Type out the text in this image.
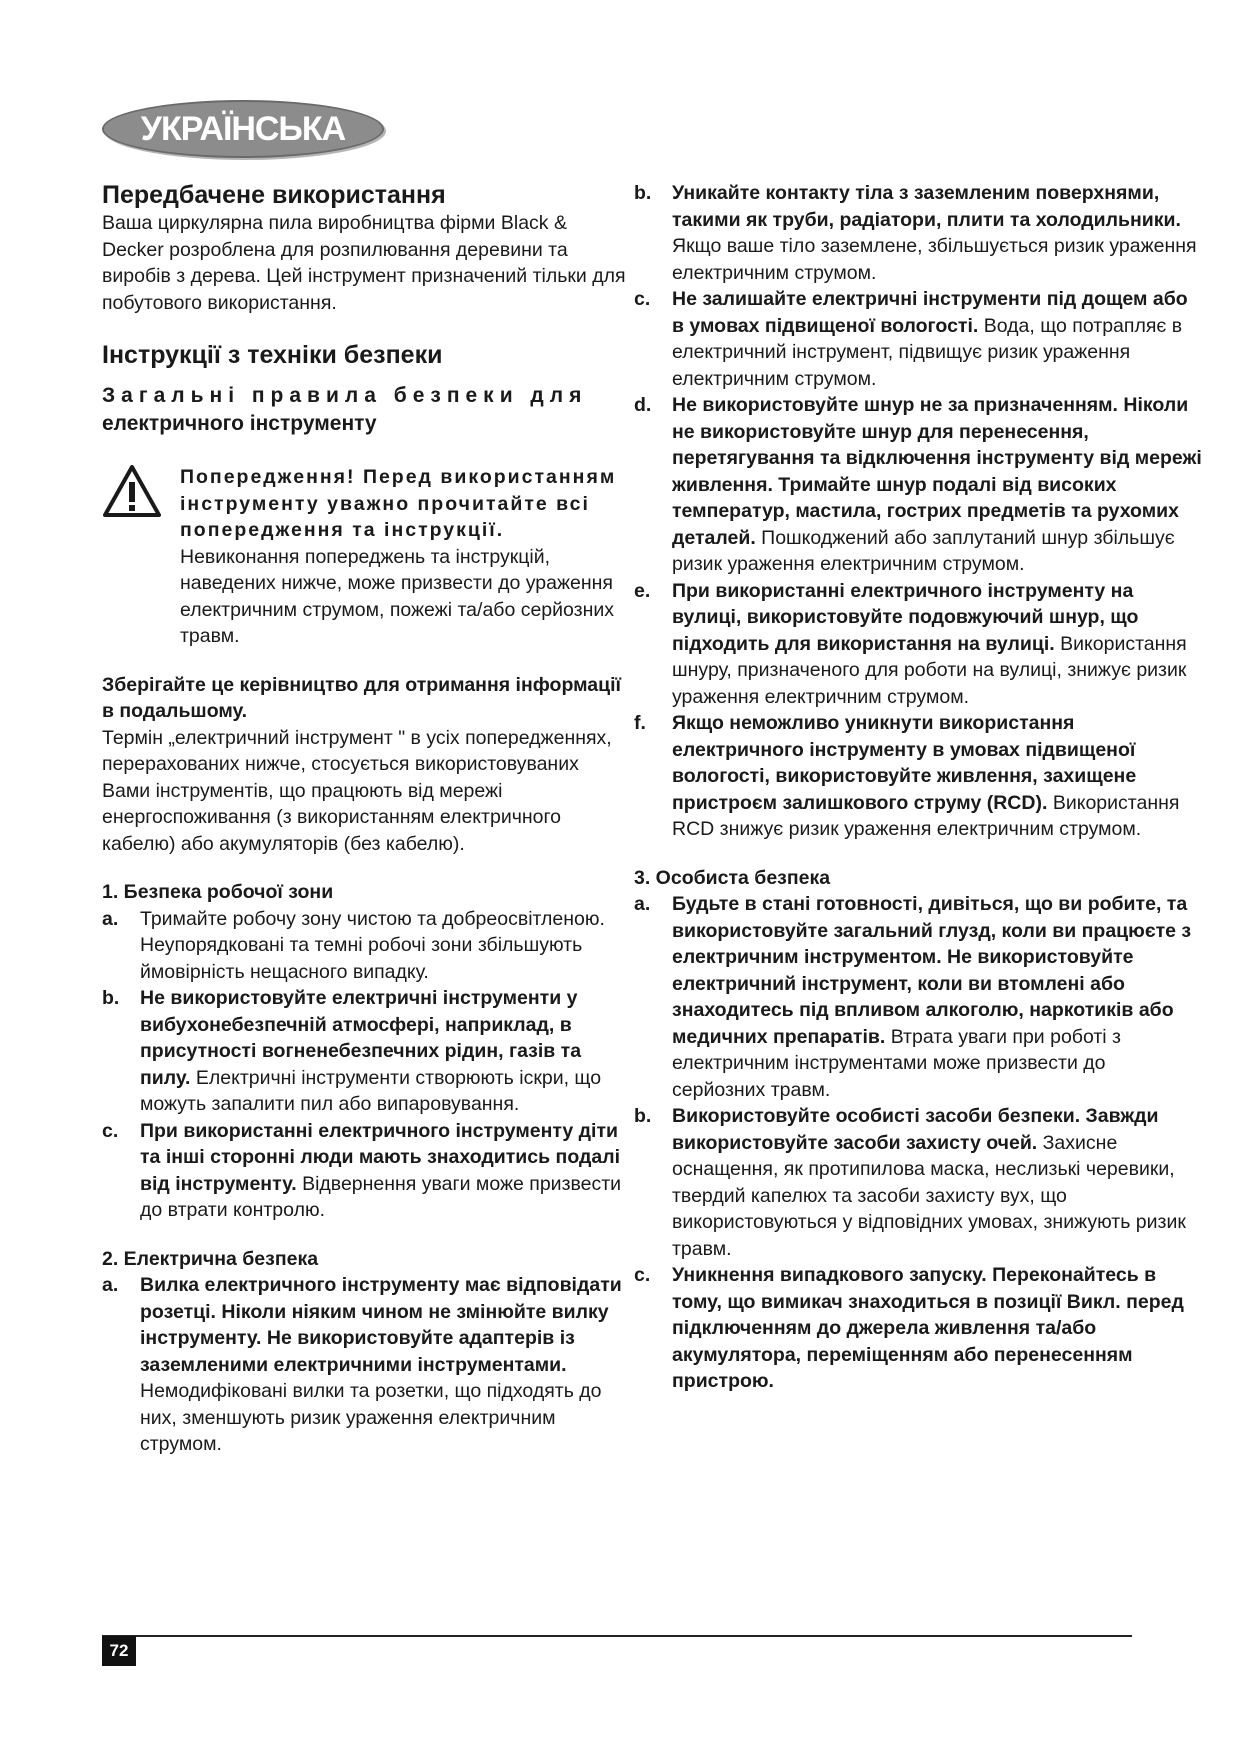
УКРАЇНСЬКА
Передбачене використання

Ваша циркулярна пила виробництва фірми Black & Decker розроблена для розпилювання деревини та виробів з дерева. Цей інструмент призначений тільки для побутового використання.

Інструкції з техніки безпеки
Загальні правила безпеки для
електричного інструменту

Попередження! Перед використанням інструменту уважно прочитайте всі попередження та інструкції.

Невиконання попереджень та інструкцій, наведених нижче, може призвести до ураження електричним струмом, пожежі та/або серйозних травм.

Зберігайте це керівництво для отримання інформації в подальшому.

Термін „електричний інструмент " в усіх попередженнях, перерахованих нижче, стосується використовуваних Вами інструментів, що працюють від мережі енергоспоживання (з використанням електричного кабелю) або акумуляторів (без кабелю).

1. Безпека робочої зони

a. Тримайте робочу зону чистою та добреосвітленою. Неупорядковані та темні робочі зони збільшують ймовірність нещасного випадку.
b. Не використовуйте електричні інструменти у вибухонебезпечній атмосфері, наприклад, в присутності вогненебезпечних рідин, газів та пилу. Електричні інструменти створюють іскри, що можуть запалити пил або випаровування.
c. При використанні електричного інструменту діти та інші сторонні люди мають знаходитись подалі від інструменту. Відвернення уваги може призвести до втрати контролю.

2. Електрична безпека

a. Вилка електричного інструменту має відповідати розетці. Ніколи ніяким чином не змінюйте вилку інструменту. Не використовуйте адаптерів із заземленими електричними інструментами. Немодифіковані вилки та розетки, що підходять до них, зменшують ризик ураження електричним струмом.
b. Уникайте контакту тіла з заземленим поверхнями, такими як труби, радіатори, плити та холодильники. Якщо ваше тіло заземлене, збільшується ризик ураження електричним струмом.
c. Не залишайте електричні інструменти під дощем або в умовах підвищеної вологості. Вода, що потрапляє в електричний інструмент, підвищує ризик ураження електричним струмом.
d. Не використовуйте шнур не за призначенням. Ніколи не використовуйте шнур для перенесення, перетягування та відключення інструменту від мережі живлення. Тримайте шнур подалі від високих температур, мастила, гострих предметів та рухомих деталей. Пошкоджений або заплутаний шнур збільшує ризик ураження електричним струмом.
e. При використанні електричного інструменту на вулиці, використовуйте подовжуючий шнур, що підходить для використання на вулиці. Використання шнуру, призначеного для роботи на вулиці, знижує ризик ураження електричним струмом.
f. Якщо неможливо уникнути використання електричного інструменту в умовах підвищеної вологості, використовуйте живлення, захищене пристроєм залишкового струму (RCD). Використання RCD знижує ризик ураження електричним струмом.

3. Особиста безпека

a. Будьте в стані готовності, дивіться, що ви робите, та використовуйте загальний глузд, коли ви працюєте з електричним інструментом. Не використовуйте електричний інструмент, коли ви втомлені або знаходитесь під впливом алкоголю, наркотиків або медичних препаратів. Втрата уваги при роботі з електричним інструментами може призвести до серйозних травм.
b. Використовуйте особисті засоби безпеки. Завжди використовуйте засоби захисту очей. Захисне оснащення, як протипилова маска, неслизькі черевики, твердий капелюх та засоби захисту вух, що використовуються у відповідних умовах, знижують ризик травм.
c. Уникнення випадкового запуску. Переконайтесь в тому, що вимикач знаходиться в позиції Викл. перед підключенням до джерела живлення та/або акумулятора, переміщенням або перенесенням пристрою.
72
